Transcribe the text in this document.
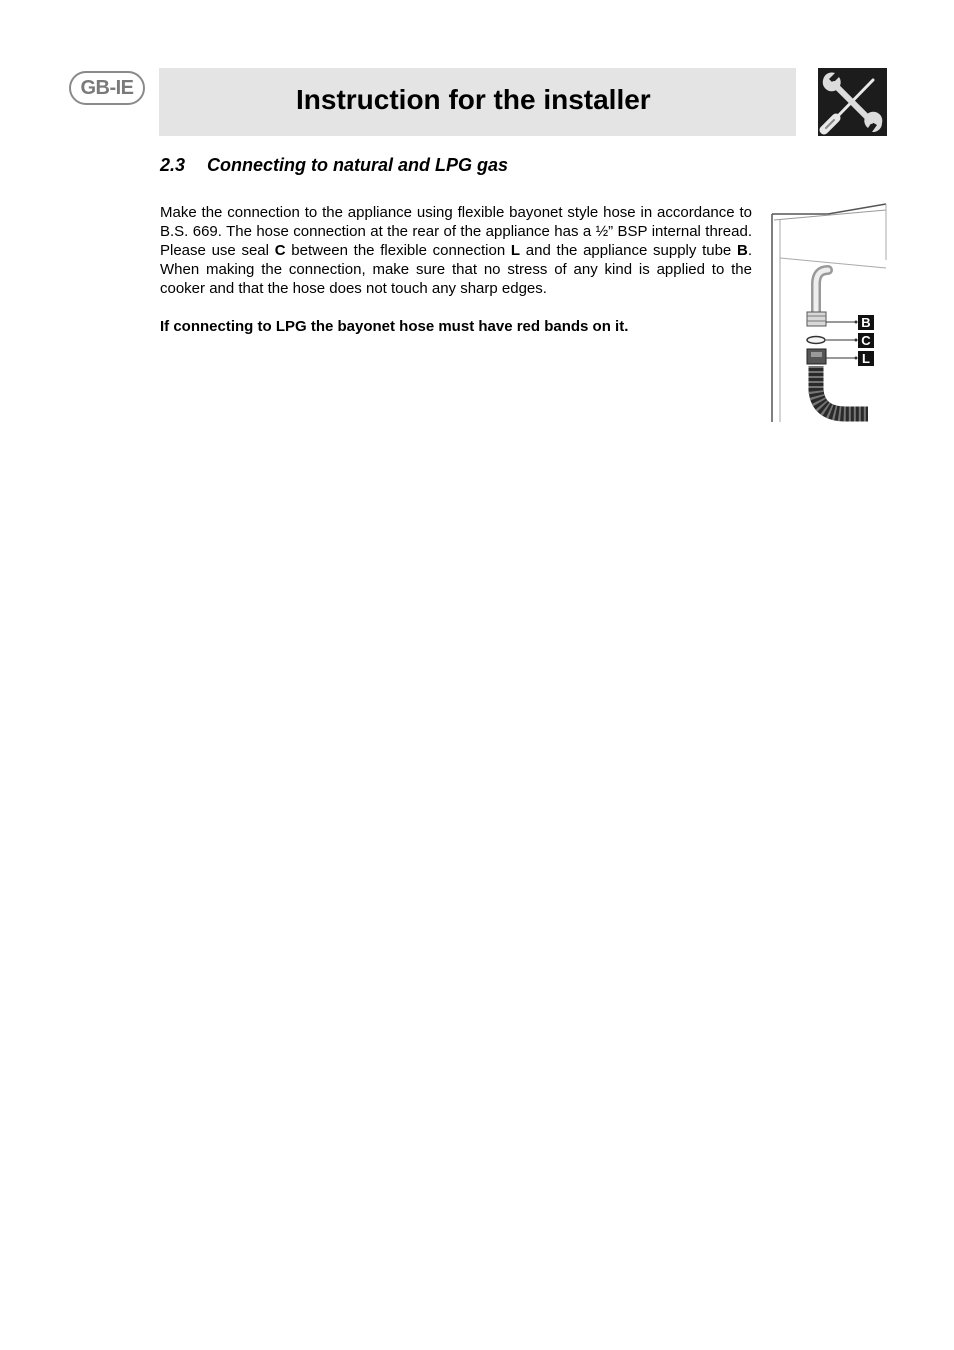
GB-IE	Instruction for the installer
2.3 Connecting to natural and LPG gas

Make the connection to the appliance using flexible bayonet style hose in accordance to B.S. 669. The hose connection at the rear of the appliance has a ½” BSP internal thread. Please use seal C between the flexible connection L and the appliance supply tube B. When making the connection, make sure that no stress of any kind is applied to the cooker and that the hose does not touch any sharp edges.

If connecting to LPG the bayonet hose must have red bands on it.	B
C
L
